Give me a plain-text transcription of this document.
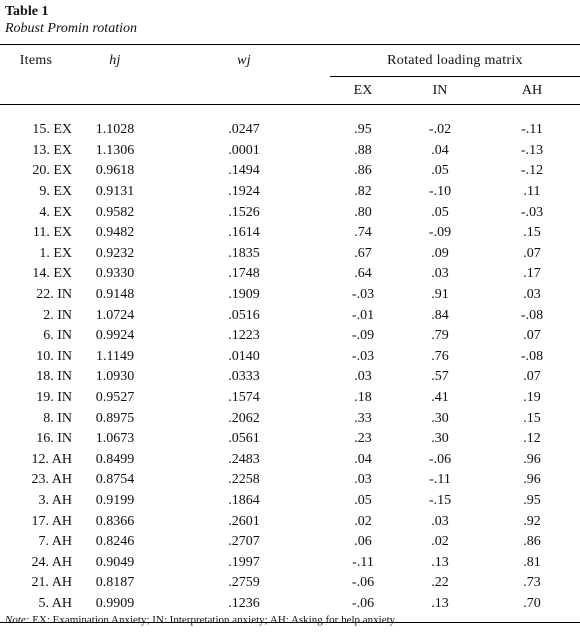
Table 1
Robust Promin rotation
Items	hj	wj	Rotated loading matrix		
			EX	IN	AH

15. EX	1.1028	.0247	.95	-.02	-.11
13. EX	1.1306	.0001	.88	.04	-.13
20. EX	0.9618	.1494	.86	.05	-.12
9. EX	0.9131	.1924	.82	-.10	.11
4. EX	0.9582	.1526	.80	.05	-.03
11. EX	0.9482	.1614	.74	-.09	.15
1. EX	0.9232	.1835	.67	.09	.07
14. EX	0.9330	.1748	.64	.03	.17
22. IN	0.9148	.1909	-.03	.91	.03
2. IN	1.0724	.0516	-.01	.84	-.08
6. IN	0.9924	.1223	-.09	.79	.07
10. IN	1.1149	.0140	-.03	.76	-.08
18. IN	1.0930	.0333	.03	.57	.07
19. IN	0.9527	.1574	.18	.41	.19
8. IN	0.8975	.2062	.33	.30	.15
16. IN	1.0673	.0561	.23	.30	.12
12. AH	0.8499	.2483	.04	-.06	.96
23. AH	0.8754	.2258	.03	-.11	.96
3. AH	0.9199	.1864	.05	-.15	.95
17. AH	0.8366	.2601	.02	.03	.92
7. AH	0.8246	.2707	.06	.02	.86
24. AH	0.9049	.1997	-.11	.13	.81
21. AH	0.8187	.2759	-.06	.22	.73
5. AH	0.9909	.1236	-.06	.13	.70

Note: EX: Examination Anxiety; IN: Interpretation anxiety; AH: Asking for help anxiety.
